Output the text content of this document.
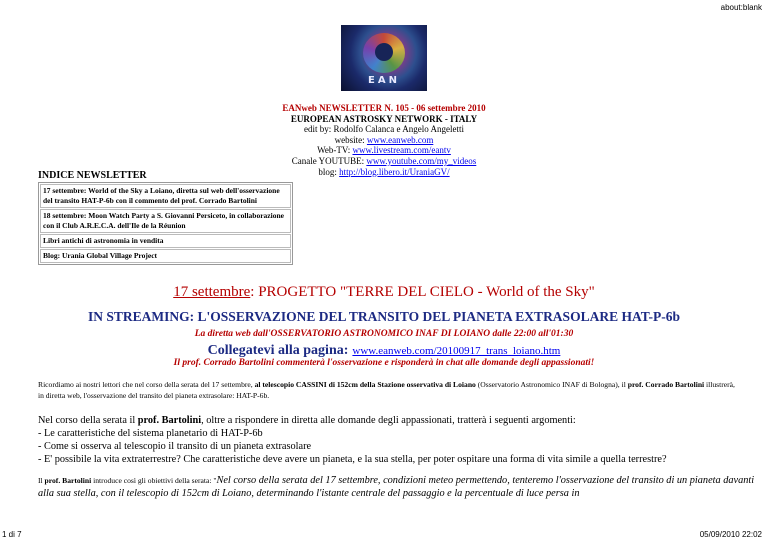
about:blank
EAN
EANweb NEWSLETTER N. 105 - 06 settembre 2010
EUROPEAN ASTROSKY NETWORK - ITALY
edit by: Rodolfo Calanca e Angelo Angeletti
website: www.eanweb.com
Web-TV: www.livestream.com/eantv
Canale YOUTUBE: www.youtube.com/my_videos
blog: http://blog.libero.it/UraniaGV/
INDICE NEWSLETTER
17 settembre: World of the Sky a Loiano, diretta sul web dell'osservazione del transito HAT-P-6b con il commento del prof. Corrado Bartolini
18 settembre: Moon Watch Party a S. Giovanni Persiceto, in collaborazione con il Club A.R.E.C.A. dell'Ile de la Réunion
Libri antichi di astronomia in vendita
Blog: Urania Global Village Project
17 settembre: PROGETTO "TERRE DEL CIELO - World of the Sky"
IN STREAMING: L'OSSERVAZIONE DEL TRANSITO DEL PIANETA EXTRASOLARE HAT-P-6b
La diretta web dall'OSSERVATORIO ASTRONOMICO INAF DI LOIANO dalle 22:00 all'01:30
Collegatevi alla pagina: www.eanweb.com/20100917_trans_loiano.htm
Il prof. Corrado Bartolini commenterà l'osservazione e risponderà in chat alle domande degli appassionati!
Ricordiamo ai nostri lettori che nel corso della serata del 17 settembre, al telescopio CASSINI di 152cm della Stazione osservativa di Loiano (Osservatorio Astronomico INAF di Bologna), il prof. Corrado Bartolini illustrerà, in diretta web, l'osservazione del transito del pianeta extrasolare: HAT-P-6b.
Nel corso della serata il prof. Bartolini, oltre a rispondere in diretta alle domande degli appassionati, tratterà i seguenti argomenti:
- Le caratteristiche del sistema planetario di HAT-P-6b
- Come si osserva al telescopio il transito di un pianeta extrasolare
- E' possibile la vita extraterrestre? Che caratteristiche deve avere un pianeta, e la sua stella, per poter ospitare una forma di vita simile a quella terrestre?
Il prof. Bartolini introduce così gli obiettivi della serata: "Nel corso della serata del 17 settembre, condizioni meteo permettendo, tenteremo l'osservazione del transito di un pianeta davanti alla sua stella, con il telescopio di 152cm di Loiano, determinando l'istante centrale del passaggio e la percentuale di luce persa in
1 di 7	05/09/2010 22:02
